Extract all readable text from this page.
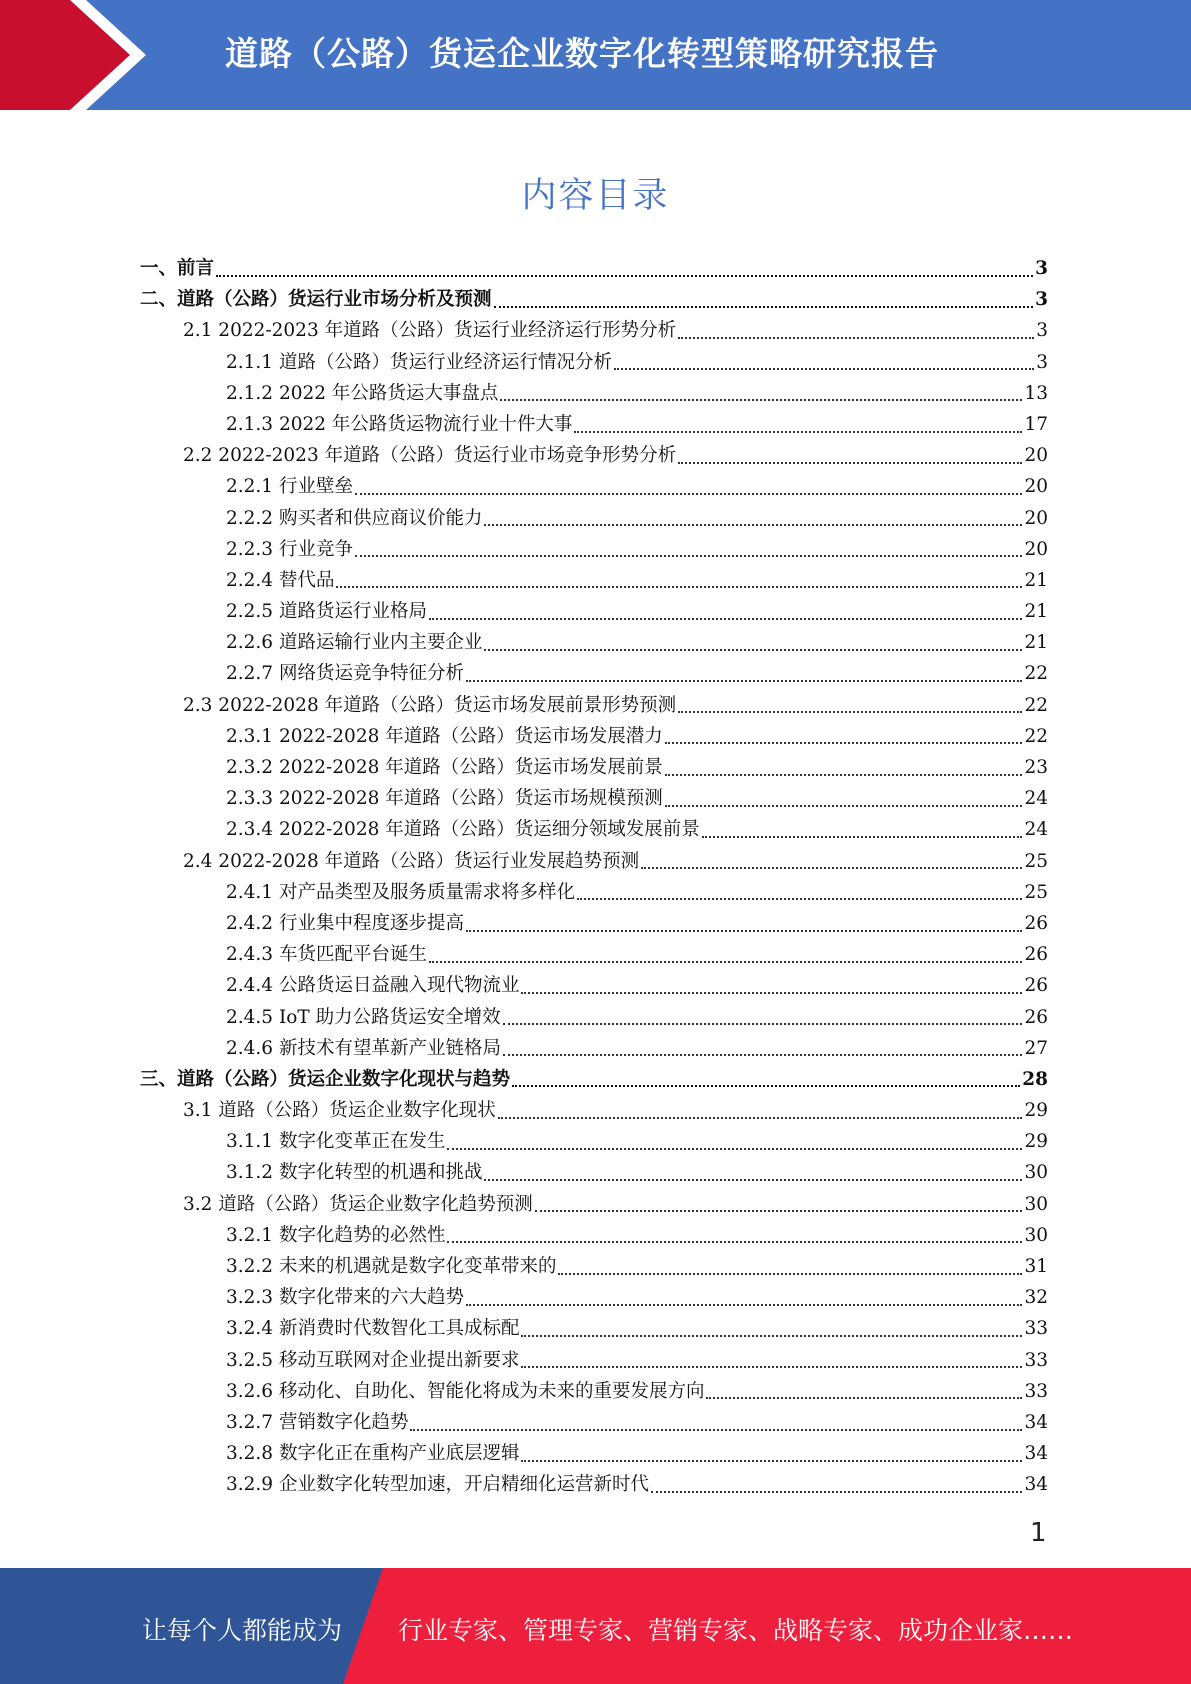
道路（公路）货运企业数字化转型策略研究报告
内容目录
一、前言	3
二、道路（公路）货运行业市场分析及预测	3
2.1 2022-2023 年道路（公路）货运行业经济运行形势分析	3
2.1.1 道路（公路）货运行业经济运行情况分析	3
2.1.2 2022 年公路货运大事盘点	13
2.1.3 2022 年公路货运物流行业十件大事	17
2.2 2022-2023 年道路（公路）货运行业市场竞争形势分析	20
2.2.1 行业壁垒	20
2.2.2 购买者和供应商议价能力	20
2.2.3 行业竞争	20
2.2.4 替代品	21
2.2.5 道路货运行业格局	21
2.2.6 道路运输行业内主要企业	21
2.2.7 网络货运竞争特征分析	22
2.3 2022-2028 年道路（公路）货运市场发展前景形势预测	22
2.3.1 2022-2028 年道路（公路）货运市场发展潜力	22
2.3.2 2022-2028 年道路（公路）货运市场发展前景	23
2.3.3 2022-2028 年道路（公路）货运市场规模预测	24
2.3.4 2022-2028 年道路（公路）货运细分领域发展前景	24
2.4 2022-2028 年道路（公路）货运行业发展趋势预测	25
2.4.1 对产品类型及服务质量需求将多样化	25
2.4.2 行业集中程度逐步提高	26
2.4.3 车货匹配平台诞生	26
2.4.4 公路货运日益融入现代物流业	26
2.4.5 IoT 助力公路货运安全增效	26
2.4.6 新技术有望革新产业链格局	27
三、道路（公路）货运企业数字化现状与趋势	28
3.1 道路（公路）货运企业数字化现状	29
3.1.1 数字化变革正在发生	29
3.1.2 数字化转型的机遇和挑战	30
3.2 道路（公路）货运企业数字化趋势预测	30
3.2.1 数字化趋势的必然性	30
3.2.2 未来的机遇就是数字化变革带来的	31
3.2.3 数字化带来的六大趋势	32
3.2.4 新消费时代数智化工具成标配	33
3.2.5 移动互联网对企业提出新要求	33
3.2.6 移动化、自助化、智能化将成为未来的重要发展方向	33
3.2.7 营销数字化趋势	34
3.2.8 数字化正在重构产业底层逻辑	34
3.2.9 企业数字化转型加速，开启精细化运营新时代	34
1
让每个人都能成为 行业专家、管理专家、营销专家、战略专家、成功企业家……
